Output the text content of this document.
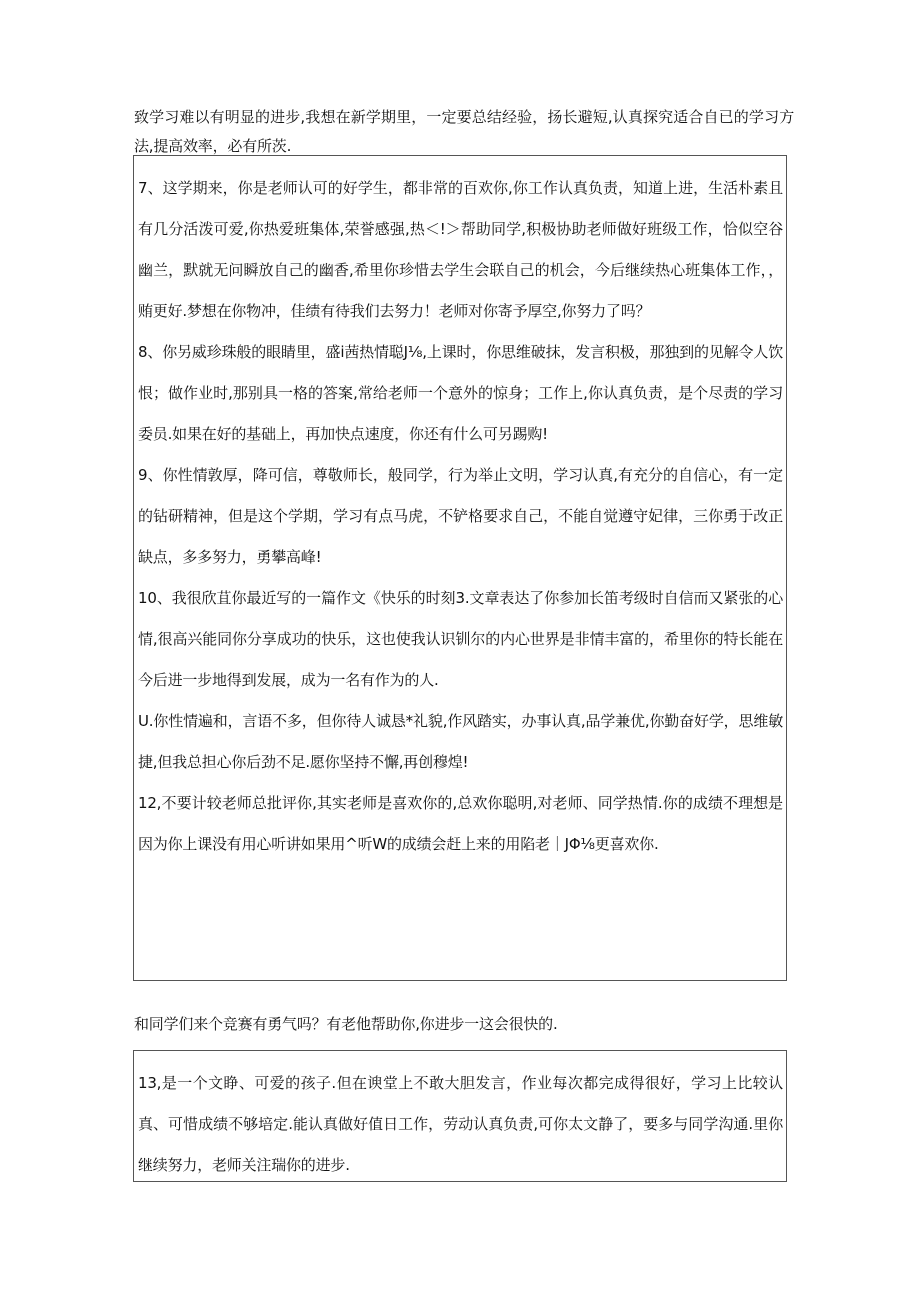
致学习难以有明显的进步,我想在新学期里，一定要总结经验，扬长避短,认真探究适合自已的学习方法,提高效率，必有所茨.

7、这学期来，你是老师认可的好学生，都非常的百欢你,你工作认真负责，知道上进，生活朴素且有几分活泼可爱,你热爱班集体,荣誉感强,热＜!＞帮助同学,积极协助老师做好班级工作，恰似空谷幽兰，默就无问瞬放自己的幽香,希里你珍惜去学生会联自己的机会，今后继续热心班集体工作，，贿更好.梦想在你物冲，佳绩有待我们去努力！老师对你寄予厚空,你努力了吗？

8、你另威珍珠般的眼睛里，盛i茜热情聪J⅛,上课时，你思维破抹，发言积极，那独到的见解令人饮恨；做作业时,那别具一格的答案,常给老师一个意外的惊身；工作上,你认真负责，是个尽责的学习委员.如果在好的基础上，再加快点速度，你还有什么可另踢购!

9、你性情敦厚，降可信，尊敬师长，般同学，行为举止文明，学习认真,有充分的自信心，有一定的钻研精神，但是这个学期，学习有点马虎，不铲格要求自己，不能自觉遵守妃律，三你勇于改正缺点，多多努力，勇攀高峰!

10、我很欣苴你最近写的一篇作文《快乐的时刻3.文章表达了你参加长笛考级时自信而又紧张的心情,很高兴能同你分享成功的快乐，这也使我认识钏尔的内心世界是非情丰富的，希里你的特长能在今后进一步地得到发展，成为一名有作为的人.

U.你性情遍和，言语不多，但你待人诚恳*礼貌,作风踏实，办事认真,品学兼优,你勤奋好学，思维敏捷,但我总担心你后劲不足.愿你坚持不懈,再创穆煌!

12,不要计较老师总批评你,其实老师是喜欢你的,总欢你聪明,对老师、同学热情.你的成绩不理想是因为你上课没有用心听讲如果用^听W的成绩会赶上来的用陷老｜JΦ⅛更喜欢你.

和同学们来个竞赛有勇气吗？有老他帮助你,你进步一这会很快的.

13,是一个文睁、可爱的孩子.但在谀堂上不敢大胆发言，作业每次都完成得很好，学习上比较认真、可惜成绩不够培定.能认真做好值日工作，劳动认真负责,可你太文静了，要多与同学沟通.里你继续努力，老师关注瑞你的进步.
